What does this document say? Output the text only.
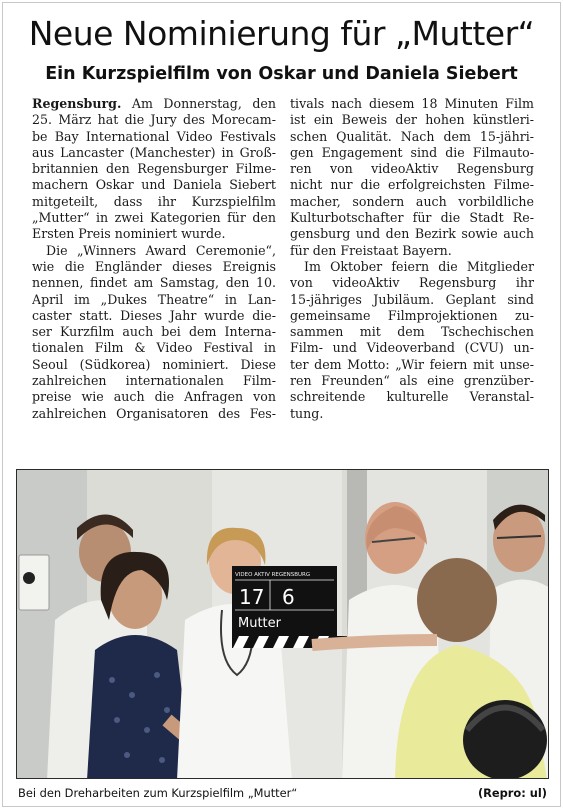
Neue Nominierung für „Mutter“
Ein Kurzspielfilm von Oskar und Daniela Siebert
Regensburg. Am Donnerstag, den
25. März hat die Jury des Morecam-
be Bay International Video Festivals
aus Lancaster (Manchester) in Groß-
britannien den Regensburger Filme-
machern Oskar und Daniela Siebert
mitgeteilt, dass ihr Kurzspielfilm
„Mutter“ in zwei Kategorien für den
Ersten Preis nominiert wurde.
Die „Winners Award Ceremonie“,
wie die Engländer dieses Ereignis
nennen, findet am Samstag, den 10.
April im „Dukes Theatre“ in Lan-
caster statt. Dieses Jahr wurde die-
ser Kurzfilm auch bei dem Interna-
tionalen Film & Video Festival in
Seoul (Südkorea) nominiert. Diese
zahlreichen internationalen Film-
preise wie auch die Anfragen von
zahlreichen Organisatoren des Fes-
tivals nach diesem 18 Minuten Film
ist ein Beweis der hohen künstleri-
schen Qualität. Nach dem 15-jähri-
gen Engagement sind die Filmauto-
ren von videoAktiv Regensburg
nicht nur die erfolgreichsten Filme-
macher, sondern auch vorbildliche
Kulturbotschafter für die Stadt Re-
gensburg und den Bezirk sowie auch
für den Freistaat Bayern.
Im Oktober feiern die Mitglieder
von videoAktiv Regensburg ihr
15-jähriges Jubiläum. Geplant sind
gemeinsame Filmprojektionen zu-
sammen mit dem Tschechischen
Film- und Videoverband (CVU) un-
ter dem Motto: „Wir feiern mit unse-
ren Freunden“ als eine grenzüber-
schreitende kulturelle Veranstal-
tung.
VIDEO AKTIV REGENSBURG
17 6
Mutter
Bei den Dreharbeiten zum Kurzspielfilm „Mutter“	(Repro: ul)
